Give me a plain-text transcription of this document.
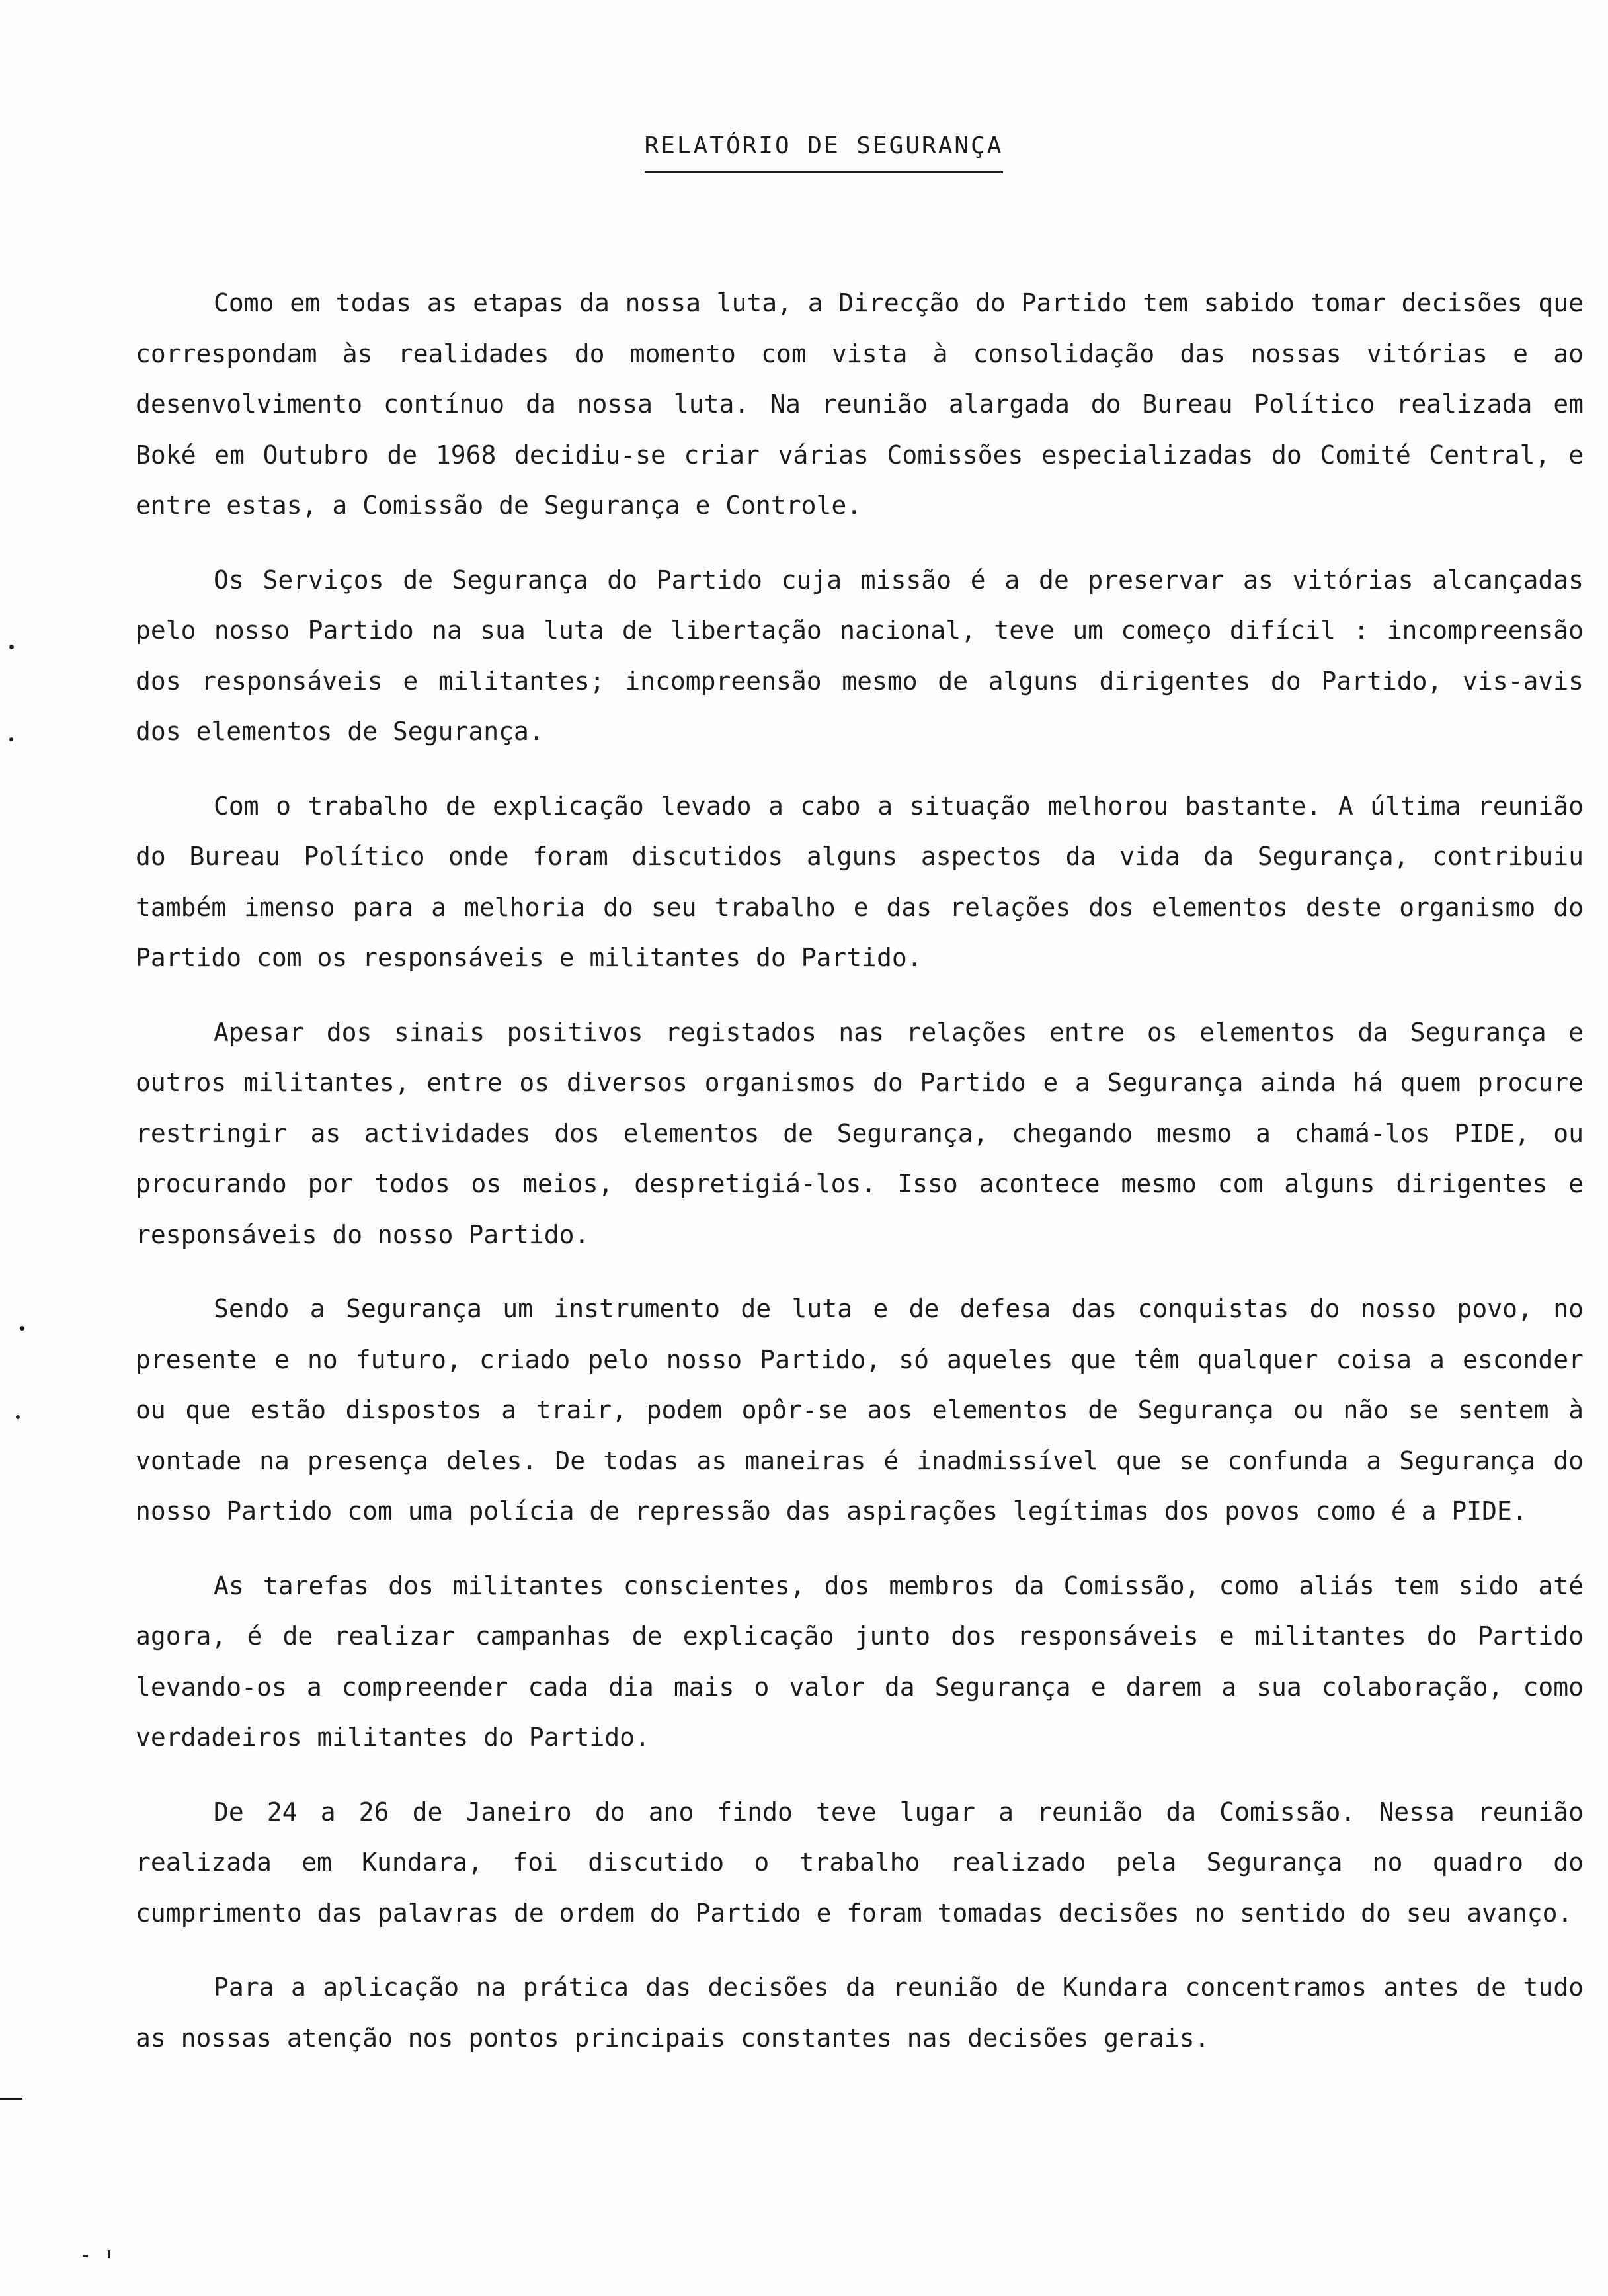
RELATÓRIO DE SEGURANÇA

Como em todas as etapas da nossa luta, a Direcção do Partido tem sabido tomar decisões que correspondam às realidades do momento com vista à consolidação das nossas vitórias e ao desenvolvimento contínuo da nossa luta. Na reunião alargada do Bureau Político realizada em Boké em Outubro de 1968 decidiu-se criar várias Comissões especializadas do Comité Central, e entre estas, a Comissão de Segurança e Controle.

Os Serviços de Segurança do Partido cuja missão é a de preservar as vitórias alcançadas pelo nosso Partido na sua luta de libertação nacional, teve um começo difícil : incompreensão dos responsáveis e militantes; incompreensão mesmo de alguns dirigentes do Partido, vis-avis dos elementos de Segurança.

Com o trabalho de explicação levado a cabo a situação melhorou bastante. A última reunião do Bureau Político onde foram discutidos alguns aspectos da vida da Segurança, contribuiu também imenso para a melhoria do seu trabalho e das relações dos elementos deste organismo do Partido com os responsáveis e militantes do Partido.

Apesar dos sinais positivos registados nas relações entre os elementos da Segurança e outros militantes, entre os diversos organismos do Partido e a Segurança ainda há quem procure restringir as actividades dos elementos de Segurança, chegando mesmo a chamá-los PIDE, ou procurando por todos os meios, despretigiá-los. Isso acontece mesmo com alguns dirigentes e responsáveis do nosso Partido.

Sendo a Segurança um instrumento de luta e de defesa das conquistas do nosso povo, no presente e no futuro, criado pelo nosso Partido, só aqueles que têm qualquer coisa a esconder ou que estão dispostos a trair, podem opôr-se aos elementos de Segurança ou não se sentem à vontade na presença deles. De todas as maneiras é inadmissível que se confunda a Segurança do nosso Partido com uma polícia de repressão das aspirações legítimas dos povos como é a PIDE.

As tarefas dos militantes conscientes, dos membros da Comissão, como aliás tem sido até agora, é de realizar campanhas de explicação junto dos responsáveis e militantes do Partido levando-os a compreender cada dia mais o valor da Segurança e darem a sua colaboração, como verdadeiros militantes do Partido.

De 24 a 26 de Janeiro do ano findo teve lugar a reunião da Comissão. Nessa reunião realizada em Kundara, foi discutido o trabalho realizado pela Segurança no quadro do cumprimento das palavras de ordem do Partido e foram tomadas decisões no sentido do seu avanço.

Para a aplicação na prática das decisões da reunião de Kundara concentramos antes de tudo as nossas atenção nos pontos principais constantes nas decisões gerais.
